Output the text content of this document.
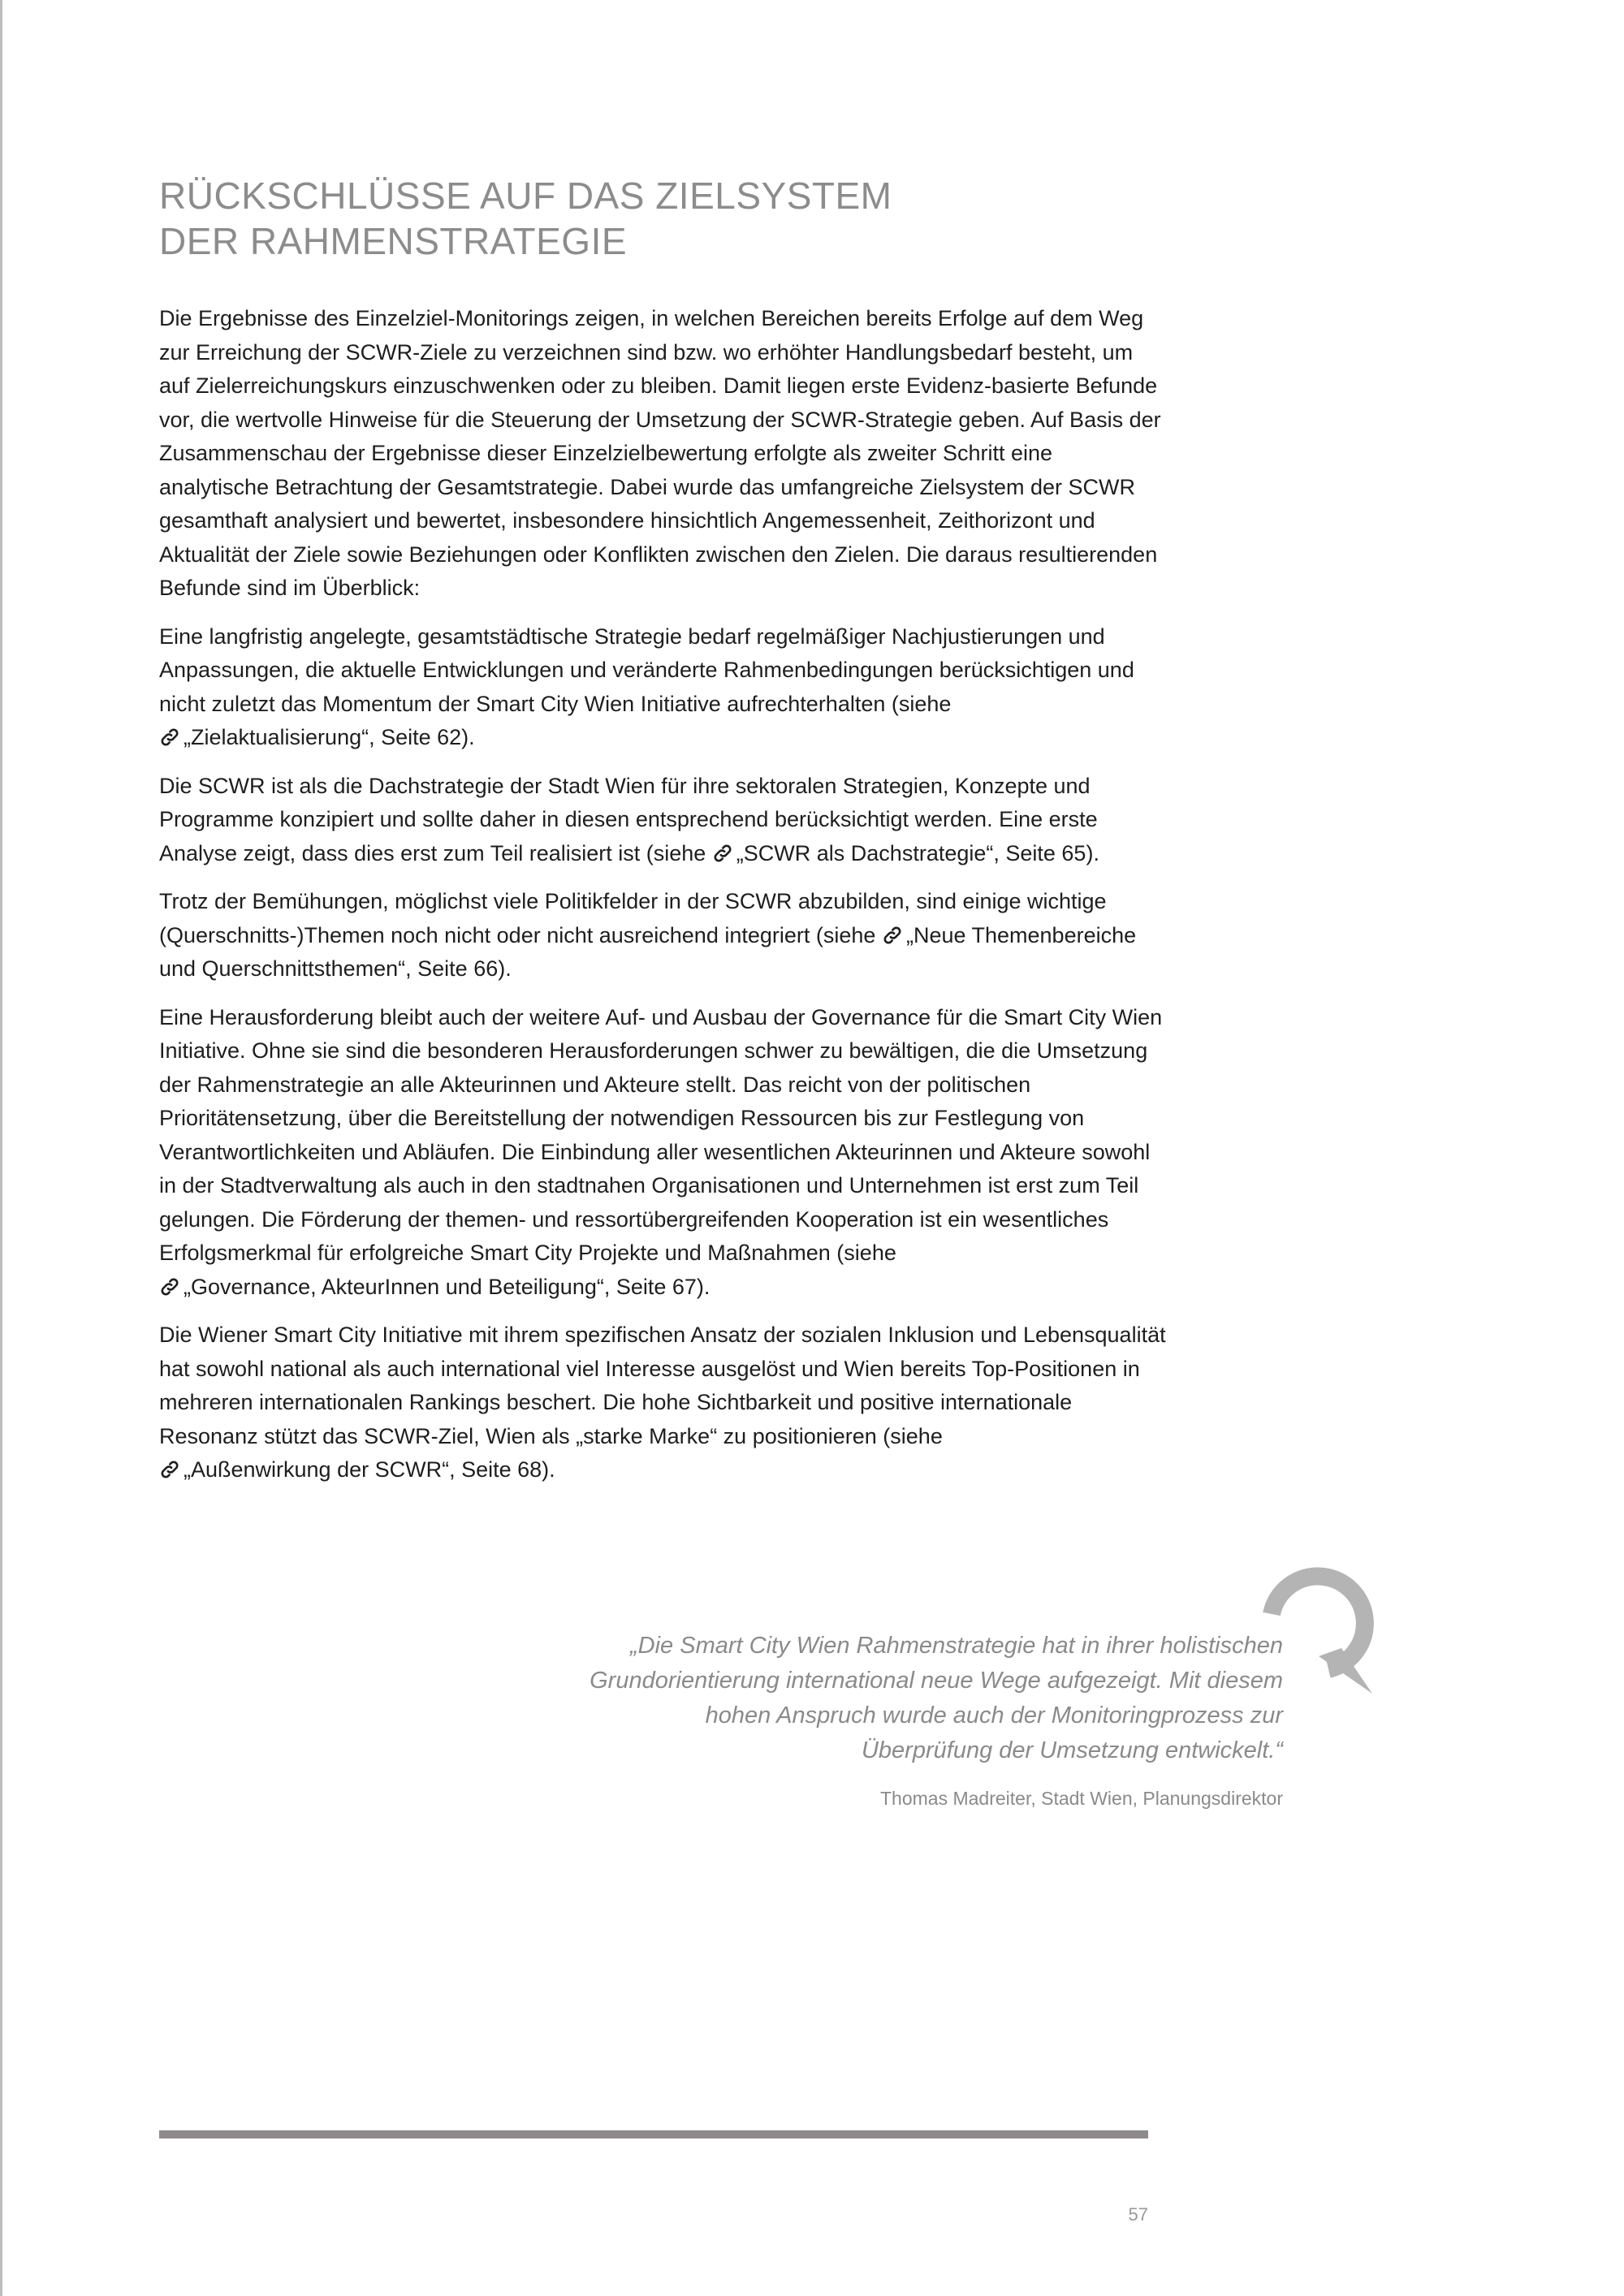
RÜCKSCHLÜSSE AUF DAS ZIELSYSTEM
DER RAHMENSTRATEGIE

Die Ergebnisse des Einzelziel-Monitorings zeigen, in welchen Bereichen bereits Erfolge auf dem Weg zur Erreichung der SCWR-Ziele zu verzeichnen sind bzw. wo erhöhter Handlungsbedarf besteht, um auf Zielerreichungskurs einzuschwenken oder zu bleiben. Damit liegen erste Evidenz-basierte Befunde vor, die wertvolle Hinweise für die Steuerung der Umsetzung der SCWR-Strategie geben. Auf Basis der Zusammenschau der Ergebnisse dieser Einzelzielbewertung erfolgte als zweiter Schritt eine analytische Betrachtung der Gesamtstrategie. Dabei wurde das umfangreiche Zielsystem der SCWR gesamthaft analysiert und bewertet, insbesondere hinsichtlich Angemessenheit, Zeithorizont und Aktualität der Ziele sowie Beziehungen oder Konflikten zwischen den Zielen. Die daraus resultierenden Befunde sind im Überblick:

Eine langfristig angelegte, gesamtstädtische Strategie bedarf regelmäßiger Nachjustierungen und Anpassungen, die aktuelle Entwicklungen und veränderte Rahmenbedingungen berücksichtigen und nicht zuletzt das Momentum der Smart City Wien Initiative aufrechterhalten (siehe „Zielaktualisierung“, Seite 62).

Die SCWR ist als die Dachstrategie der Stadt Wien für ihre sektoralen Strategien, Konzepte und Programme konzipiert und sollte daher in diesen entsprechend berücksichtigt werden. Eine erste Analyse zeigt, dass dies erst zum Teil realisiert ist (siehe „SCWR als Dachstrategie“, Seite 65).

Trotz der Bemühungen, möglichst viele Politikfelder in der SCWR abzubilden, sind einige wichtige (Querschnitts-)Themen noch nicht oder nicht ausreichend integriert (siehe „Neue Themenbereiche und Querschnittsthemen“, Seite 66).

Eine Herausforderung bleibt auch der weitere Auf- und Ausbau der Governance für die Smart City Wien Initiative. Ohne sie sind die besonderen Herausforderungen schwer zu bewältigen, die die Umsetzung der Rahmenstrategie an alle Akteurinnen und Akteure stellt. Das reicht von der politischen Prioritätensetzung, über die Bereitstellung der notwendigen Ressourcen bis zur Festlegung von Verantwortlichkeiten und Abläufen. Die Einbindung aller wesentlichen Akteurinnen und Akteure sowohl in der Stadtverwaltung als auch in den stadtnahen Organisationen und Unternehmen ist erst zum Teil gelungen. Die Förderung der themen- und ressortübergreifenden Kooperation ist ein wesentliches Erfolgsmerkmal für erfolgreiche Smart City Projekte und Maßnahmen (siehe „Governance, AkteurInnen und Beteiligung“, Seite 67).

Die Wiener Smart City Initiative mit ihrem spezifischen Ansatz der sozialen Inklusion und Lebensqualität hat sowohl national als auch international viel Interesse ausgelöst und Wien bereits Top-Positionen in mehreren internationalen Rankings beschert. Die hohe Sichtbarkeit und positive internationale Resonanz stützt das SCWR-Ziel, Wien als „starke Marke“ zu positionieren (siehe „Außenwirkung der SCWR“, Seite 68).

„Die Smart City Wien Rahmenstrategie hat in ihrer holistischen
Grundorientierung international neue Wege aufgezeigt. Mit diesem
hohen Anspruch wurde auch der Monitoringprozess zur
Überprüfung der Umsetzung entwickelt.“

Thomas Madreiter, Stadt Wien, Planungsdirektor
57
